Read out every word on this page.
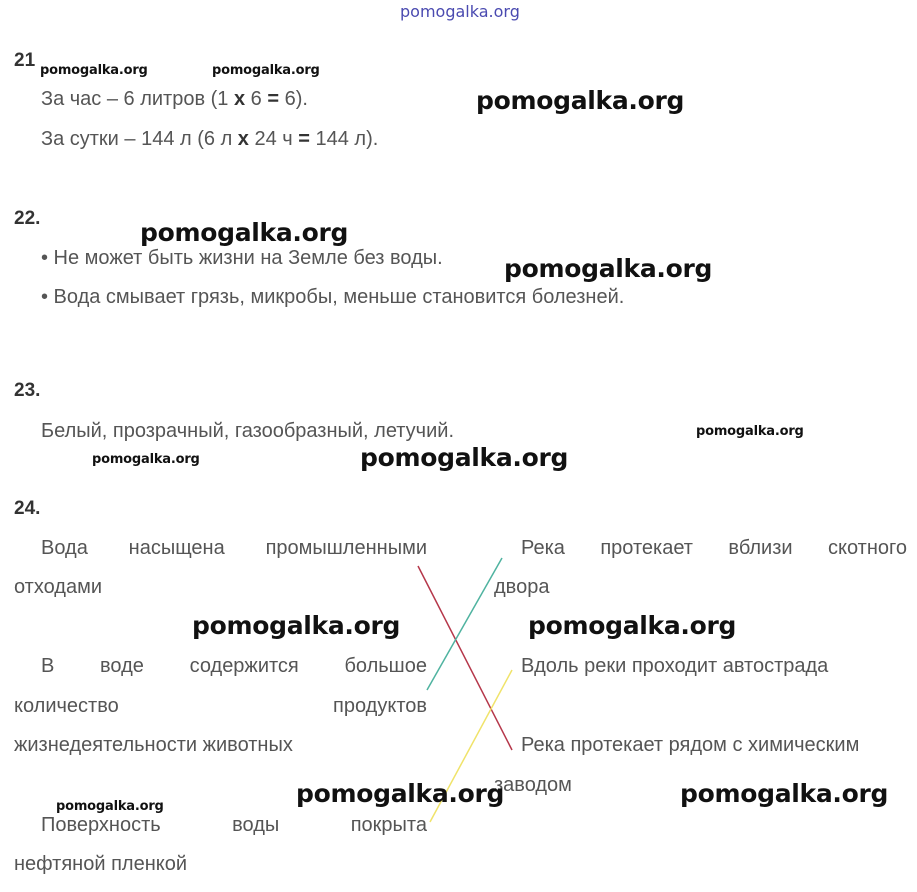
pomogalka.org
21
За час – 6 литров (1 x 6 = 6).
За сутки – 144 л (6 л x 24 ч = 144 л).
22.
• Не может быть жизни на Земле без воды.
• Вода смывает грязь, микробы, меньше становится болезней.
23.
Белый, прозрачный, газообразный, летучий.
24.
Вода насыщена промышленными
отходами
В воде содержится большое
количество	продуктов
жизнедеятельности животных
Поверхность	воды	покрыта
нефтяной пленкой
Река протекает вблизи скотного
двора
Вдоль реки проходит автострада
Река протекает рядом с химическим
заводом
pomogalka.org
pomogalka.org
pomogalka.org
pomogalka.org
pomogalka.org	pomogalka.org
pomogalka.org	pomogalka.org
pomogalka.org	pomogalka.org
pomogalka.org
pomogalka.org
pomogalka.org
